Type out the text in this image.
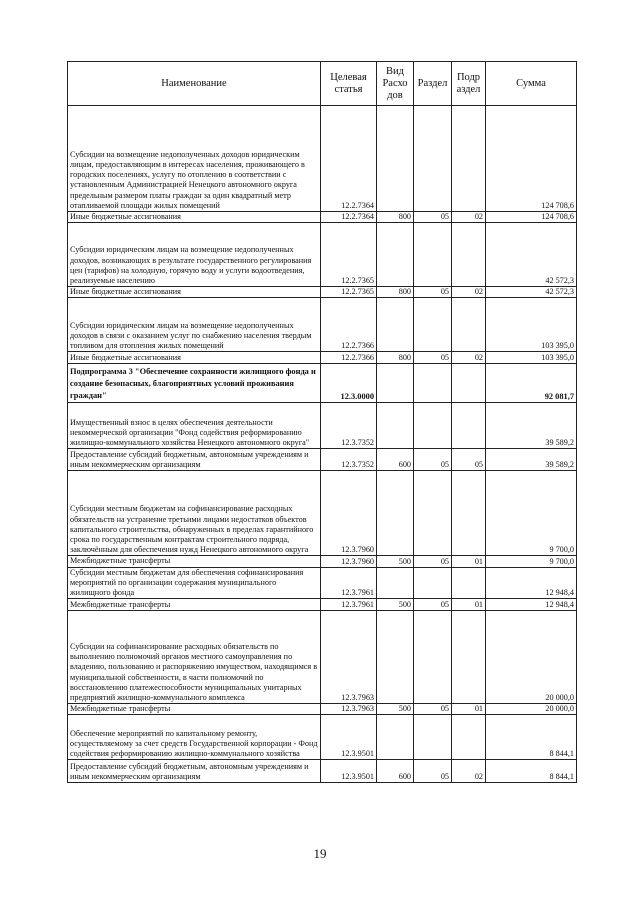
Наименование	Целевая статья	Вид Расхо дов	Раздел	Подр аздел	Сумма
Субсидии на возмещение недополученных доходов юридическим лицам, предоставляющим в интересах населения, проживающего в городских поселениях, услугу по отоплению в соответствии с установленным Администрацией Ненецкого автономного округа предельным размером платы граждан за один квадратный метр отапливаемой площади жилых помещений	12.2.7364				124 708,6
Иные бюджетные ассигнования	12.2.7364	800	05	02	124 708,6
Субсидии юридическим лицам на возмещение недополученных доходов, возникающих в результате государственного регулирования цен (тарифов) на холодную, горячую воду и услуги водоотведения, реализуемые населению	12.2.7365				42 572,3
Иные бюджетные ассигнования	12.2.7365	800	05	02	42 572,3
Субсидии юридическим лицам на возмещение недополученных доходов в связи с оказанием услуг по снабжению населения твердым топливом для отопления жилых помещений	12.2.7366				103 395,0
Иные бюджетные ассигнования	12.2.7366	800	05	02	103 395,0
Подпрограмма 3 "Обеспечение сохранности жилищного фонда и создание безопасных, благоприятных условий проживания граждан"	12.3.0000				92 081,7
Имущественный взнос в целях обеспечения деятельности некоммерческой организации "Фонд содействия реформированию жилищно-коммунального хозяйства Ненецкого автономного округа"	12.3.7352				39 589,2
Предоставление субсидий бюджетным, автономным учреждениям и иным некоммерческим организациям	12.3.7352	600	05	05	39 589,2
Субсидии местным бюджетам на софинансирование расходных обязательств на устранение третьими лицами недостатков объектов капитального строительства, обнаруженных в пределах гарантийного срока по государственным контрактам строительного подряда, заключённым для обеспечения нужд Ненецкого автономного округа	12.3.7960				9 700,0
Межбюджетные трансферты	12.3.7960	500	05	01	9 700,0
Субсидии местным бюджетам для обеспечения софинансирования мероприятий по организации содержания муниципального жилищного фонда	12.3.7961				12 948,4
Межбюджетные трансферты	12.3.7961	500	05	01	12 948,4
Субсидии на софинансирование расходных обязательств по выполнению полномочий органов местного самоуправления по владению, пользованию и распоряжению имуществом, находящимся в муниципальной собственности, в части полномочий по восстановлению платежеспособности муниципальных унитарных предприятий жилищно-коммунального комплекса	12.3.7963				20 000,0
Межбюджетные трансферты	12.3.7963	500	05	01	20 000,0
Обеспечение мероприятий по капитальному ремонту, осуществляемому за счет средств Государственной корпорации - Фонд содействия реформированию жилищно-коммунального хозяйства	12.3.9501				8 844,1
Предоставление субсидий бюджетным, автономным учреждениям и иным некоммерческим организациям	12.3.9501	600	05	02	8 844,1
19
